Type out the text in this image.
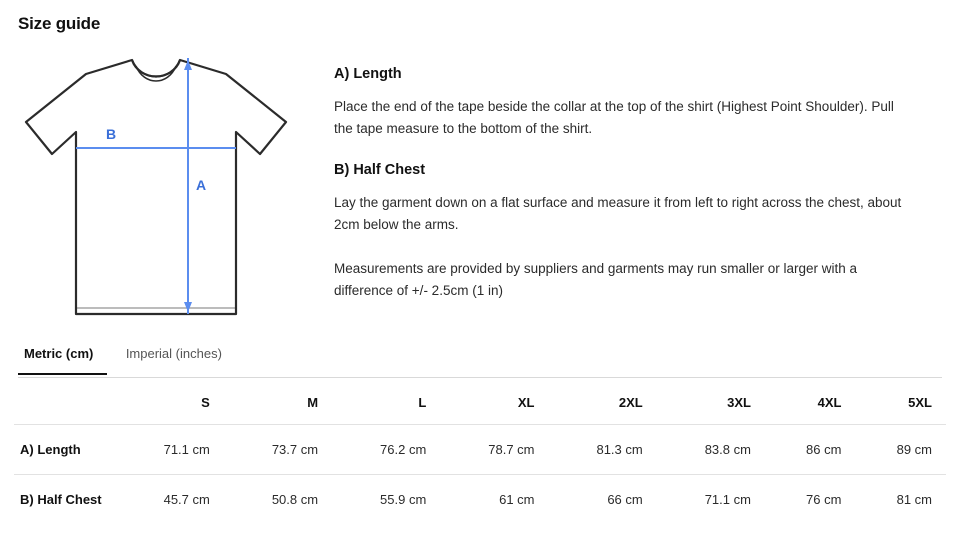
Size guide
B
A
A) Length

Place the end of the tape beside the collar at the top of the shirt (Highest Point Shoulder). Pull the tape measure to the bottom of the shirt.

B) Half Chest

Lay the garment down on a flat surface and measure it from left to right across the chest, about 2cm below the arms.

Measurements are provided by suppliers and garments may run smaller or larger with a difference of +/- 2.5cm (1 in)

Metric (cm) Imperial (inches)
	S	M	L	XL	2XL	3XL	4XL	5XL
A) Length	71.1 cm	73.7 cm	76.2 cm	78.7 cm	81.3 cm	83.8 cm	86 cm	89 cm
B) Half Chest	45.7 cm	50.8 cm	55.9 cm	61 cm	66 cm	71.1 cm	76 cm	81 cm
